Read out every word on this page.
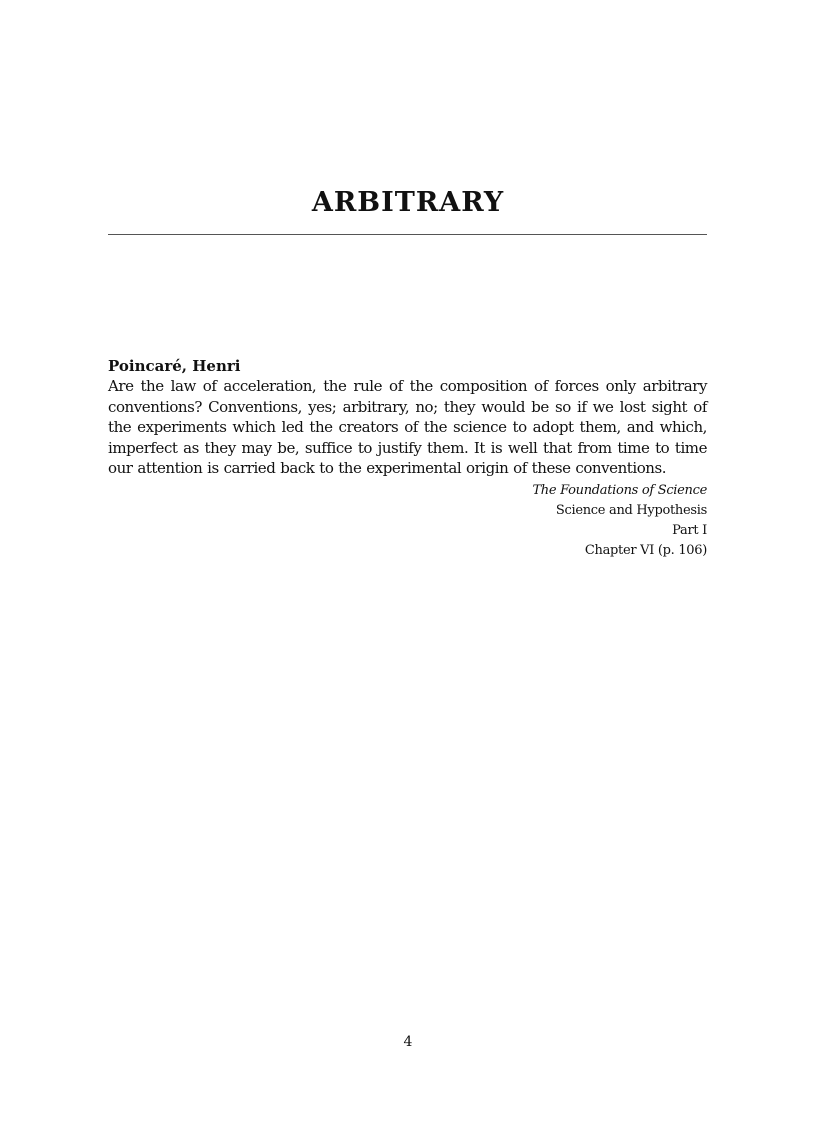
ARBITRARY

Poincaré, Henri

Are the law of acceleration, the rule of the composition of forces only arbitrary conventions? Conventions, yes; arbitrary, no; they would be so if we lost sight of the experiments which led the creators of the science to adopt them, and which, imperfect as they may be, suffice to justify them. It is well that from time to time our attention is carried back to the experimental origin of these conventions.

The Foundations of Science
Science and Hypothesis
Part I
Chapter VI (p. 106)
4
